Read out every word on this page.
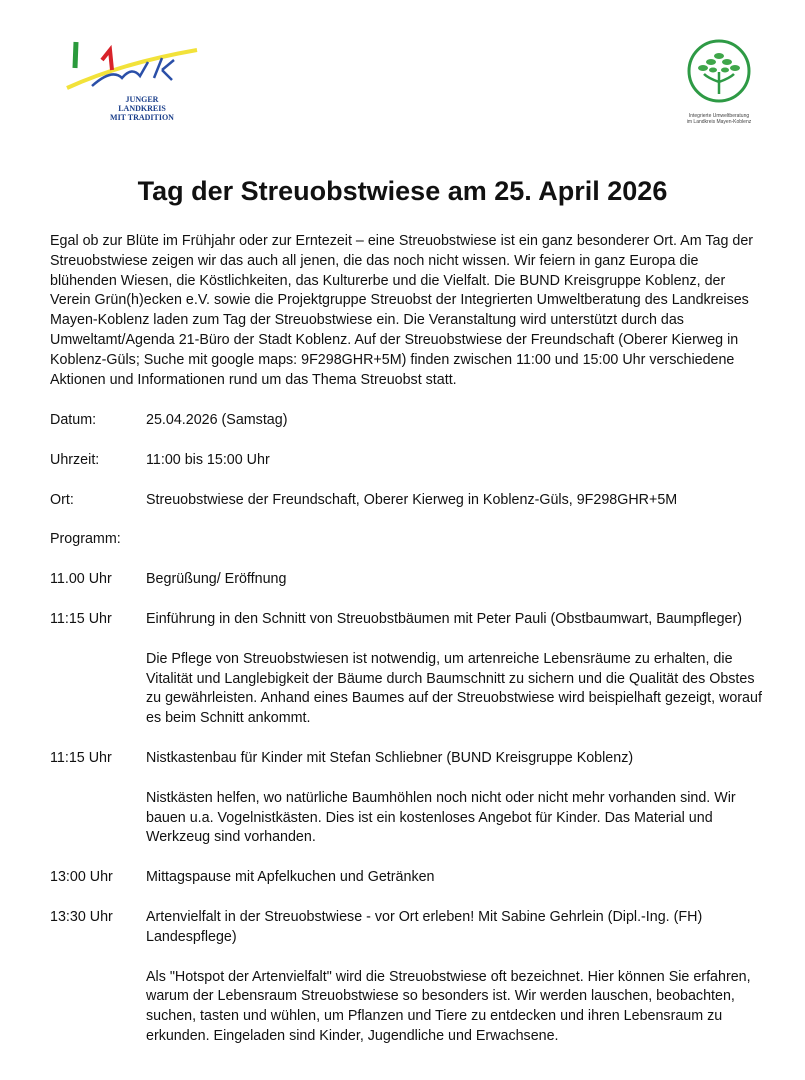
JUNGER LANDKREIS
MIT TRADITION	Integrierte Umweltberatung
im Landkreis Mayen-Koblenz
Tag der Streuobstwiese am 25. April 2026

Egal ob zur Blüte im Frühjahr oder zur Erntezeit – eine Streuobstwiese ist ein ganz besonderer Ort. Am Tag der Streuobstwiese zeigen wir das auch all jenen, die das noch nicht wissen. Wir feiern in ganz Europa die blühenden Wiesen, die Köstlichkeiten, das Kulturerbe und die Vielfalt. Die BUND Kreisgruppe Koblenz, der Verein Grün(h)ecken e.V. sowie die Projektgruppe Streuobst der Integrierten Umweltberatung des Landkreises Mayen-Koblenz laden zum Tag der Streuobstwiese ein. Die Veranstaltung wird unterstützt durch das Umweltamt/Agenda 21-Büro der Stadt Koblenz. Auf der Streuobstwiese der Freundschaft (Oberer Kierweg in Koblenz-Güls; Suche mit google maps: 9F298GHR+5M) finden zwischen 11:00 und 15:00 Uhr verschiedene Aktionen und Informationen rund um das Thema Streuobst statt.

Datum:	25.04.2026 (Samstag)
Uhrzeit:	11:00 bis 15:00 Uhr
Ort:	Streuobstwiese der Freundschaft, Oberer Kierweg in Koblenz-Güls, 9F298GHR+5M
Programm:
11.00 Uhr	Begrüßung/ Eröffnung
11:15 Uhr	Einführung in den Schnitt von Streuobstbäumen mit Peter Pauli (Obstbaumwart, Baumpfleger)

Die Pflege von Streuobstwiesen ist notwendig, um artenreiche Lebensräume zu erhalten, die Vitalität und Langlebigkeit der Bäume durch Baumschnitt zu sichern und die Qualität des Obstes zu gewährleisten. Anhand eines Baumes auf der Streuobstwiese wird beispielhaft gezeigt, worauf es beim Schnitt ankommt.

11:15 Uhr	Nistkastenbau für Kinder mit Stefan Schliebner (BUND Kreisgruppe Koblenz)

Nistkästen helfen, wo natürliche Baumhöhlen noch nicht oder nicht mehr vorhanden sind. Wir bauen u.a. Vogelnistkästen. Dies ist ein kostenloses Angebot für Kinder. Das Material und Werkzeug sind vorhanden.

13:00 Uhr	Mittagspause mit Apfelkuchen und Getränken
13:30 Uhr	Artenvielfalt in der Streuobstwiese - vor Ort erleben! Mit Sabine Gehrlein (Dipl.-Ing. (FH) Landespflege)

Als "Hotspot der Artenvielfalt" wird die Streuobstwiese oft bezeichnet. Hier können Sie erfahren, warum der Lebensraum Streuobstwiese so besonders ist. Wir werden lauschen, beobachten, suchen, tasten und wühlen, um Pflanzen und Tiere zu entdecken und ihren Lebensraum zu erkunden. Eingeladen sind Kinder, Jugendliche und Erwachsene.
